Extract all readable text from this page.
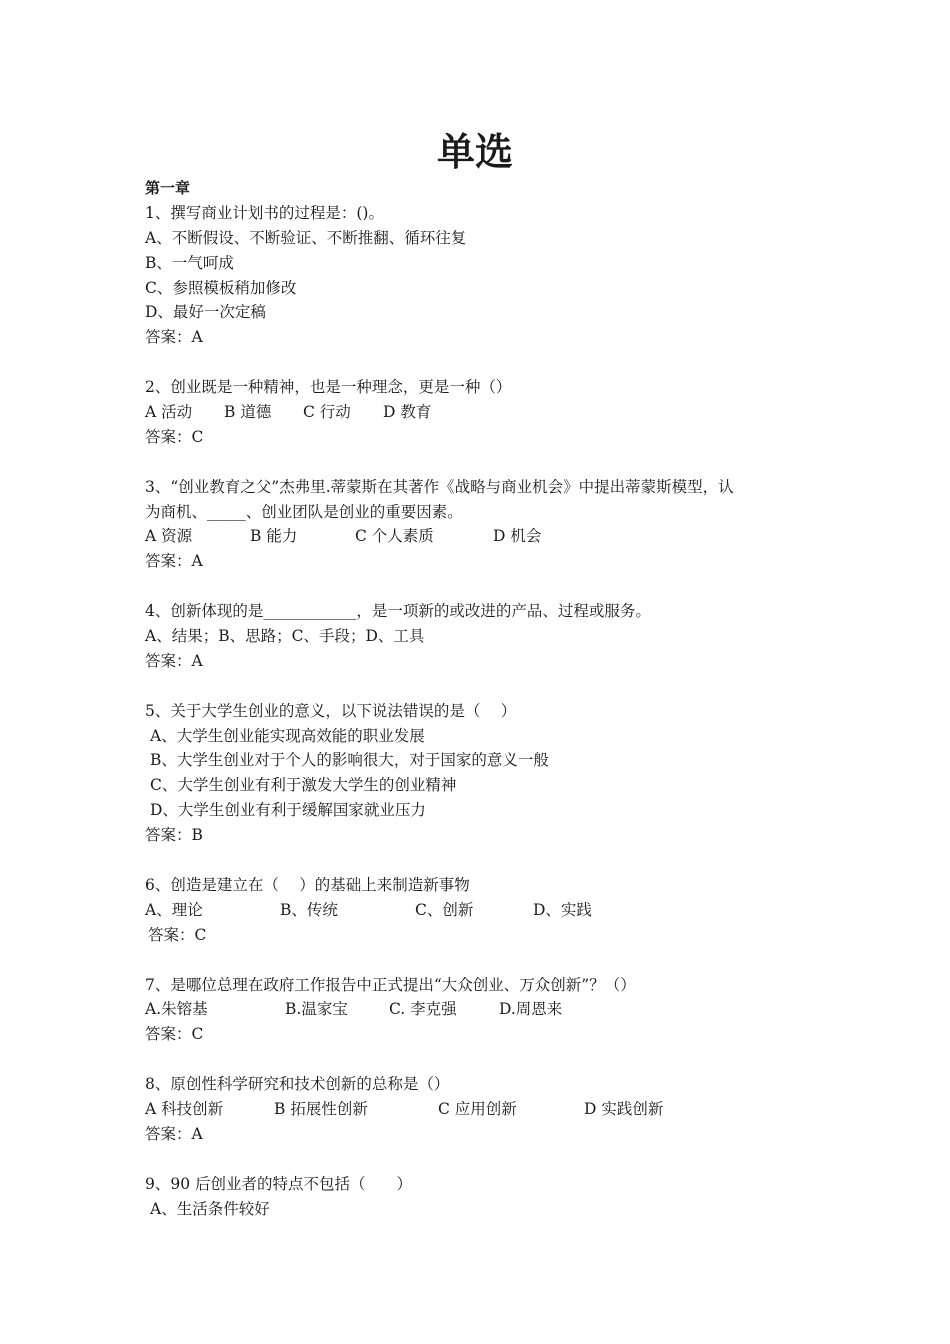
单选
第一章
1、撰写商业计划书的过程是：()。
A、不断假设、不断验证、不断推翻、循环往复
B、一气呵成
C、参照模板稍加修改
D、最好一次定稿
答案：A
2、创业既是一种精神，也是一种理念，更是一种（）
A 活动	B 道德	C 行动	D 教育
答案：C
3、“创业教育之父”杰弗里.蒂蒙斯在其著作《战略与商业机会》中提出蒂蒙斯模型，认
为商机、_____、创业团队是创业的重要因素。
A 资源	B 能力	C 个人素质	D 机会
答案：A
4、创新体现的是____________，是一项新的或改进的产品、过程或服务。
A、结果；B、思路；C、手段；D、工具
答案：A
5、关于大学生创业的意义，以下说法错误的是（　 ）
A、大学生创业能实现高效能的职业发展
B、大学生创业对于个人的影响很大，对于国家的意义一般
C、大学生创业有利于激发大学生的创业精神
D、大学生创业有利于缓解国家就业压力
答案：B
6、创造是建立在（　 ）的基础上来制造新事物
A、理论	B、传统	C、创新	D、实践
答案：C
7、是哪位总理在政府工作报告中正式提出“大众创业、万众创新”？（）
A.朱镕基	B.温家宝	C. 李克强	D.周恩来
答案：C
8、原创性科学研究和技术创新的总称是（）
A 科技创新	B 拓展性创新	C 应用创新	D 实践创新
答案：A
9、90 后创业者的特点不包括（　　）
A、生活条件较好
